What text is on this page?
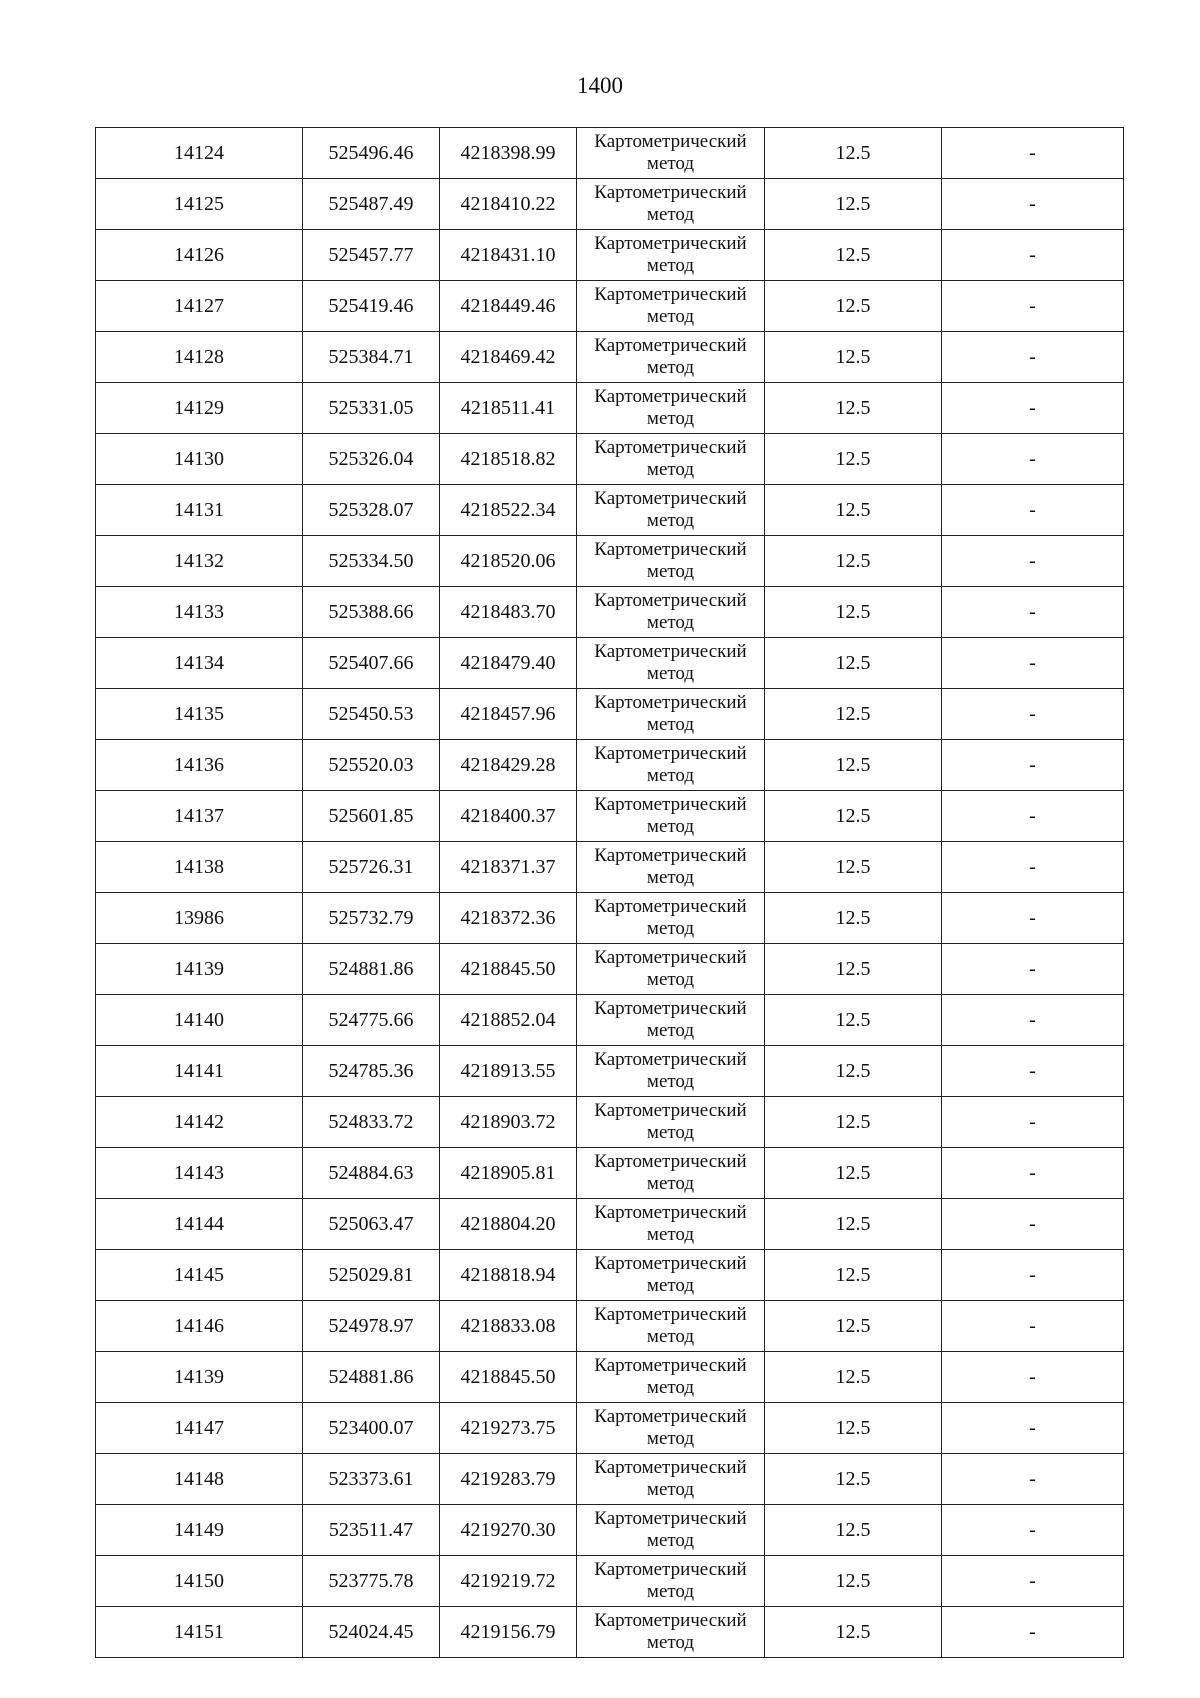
1400
14124	525496.46	4218398.99	Картометрический метод	12.5	-
14125	525487.49	4218410.22	Картометрический метод	12.5	-
14126	525457.77	4218431.10	Картометрический метод	12.5	-
14127	525419.46	4218449.46	Картометрический метод	12.5	-
14128	525384.71	4218469.42	Картометрический метод	12.5	-
14129	525331.05	4218511.41	Картометрический метод	12.5	-
14130	525326.04	4218518.82	Картометрический метод	12.5	-
14131	525328.07	4218522.34	Картометрический метод	12.5	-
14132	525334.50	4218520.06	Картометрический метод	12.5	-
14133	525388.66	4218483.70	Картометрический метод	12.5	-
14134	525407.66	4218479.40	Картометрический метод	12.5	-
14135	525450.53	4218457.96	Картометрический метод	12.5	-
14136	525520.03	4218429.28	Картометрический метод	12.5	-
14137	525601.85	4218400.37	Картометрический метод	12.5	-
14138	525726.31	4218371.37	Картометрический метод	12.5	-
13986	525732.79	4218372.36	Картометрический метод	12.5	-
14139	524881.86	4218845.50	Картометрический метод	12.5	-
14140	524775.66	4218852.04	Картометрический метод	12.5	-
14141	524785.36	4218913.55	Картометрический метод	12.5	-
14142	524833.72	4218903.72	Картометрический метод	12.5	-
14143	524884.63	4218905.81	Картометрический метод	12.5	-
14144	525063.47	4218804.20	Картометрический метод	12.5	-
14145	525029.81	4218818.94	Картометрический метод	12.5	-
14146	524978.97	4218833.08	Картометрический метод	12.5	-
14139	524881.86	4218845.50	Картометрический метод	12.5	-
14147	523400.07	4219273.75	Картометрический метод	12.5	-
14148	523373.61	4219283.79	Картометрический метод	12.5	-
14149	523511.47	4219270.30	Картометрический метод	12.5	-
14150	523775.78	4219219.72	Картометрический метод	12.5	-
14151	524024.45	4219156.79	Картометрический метод	12.5	-
